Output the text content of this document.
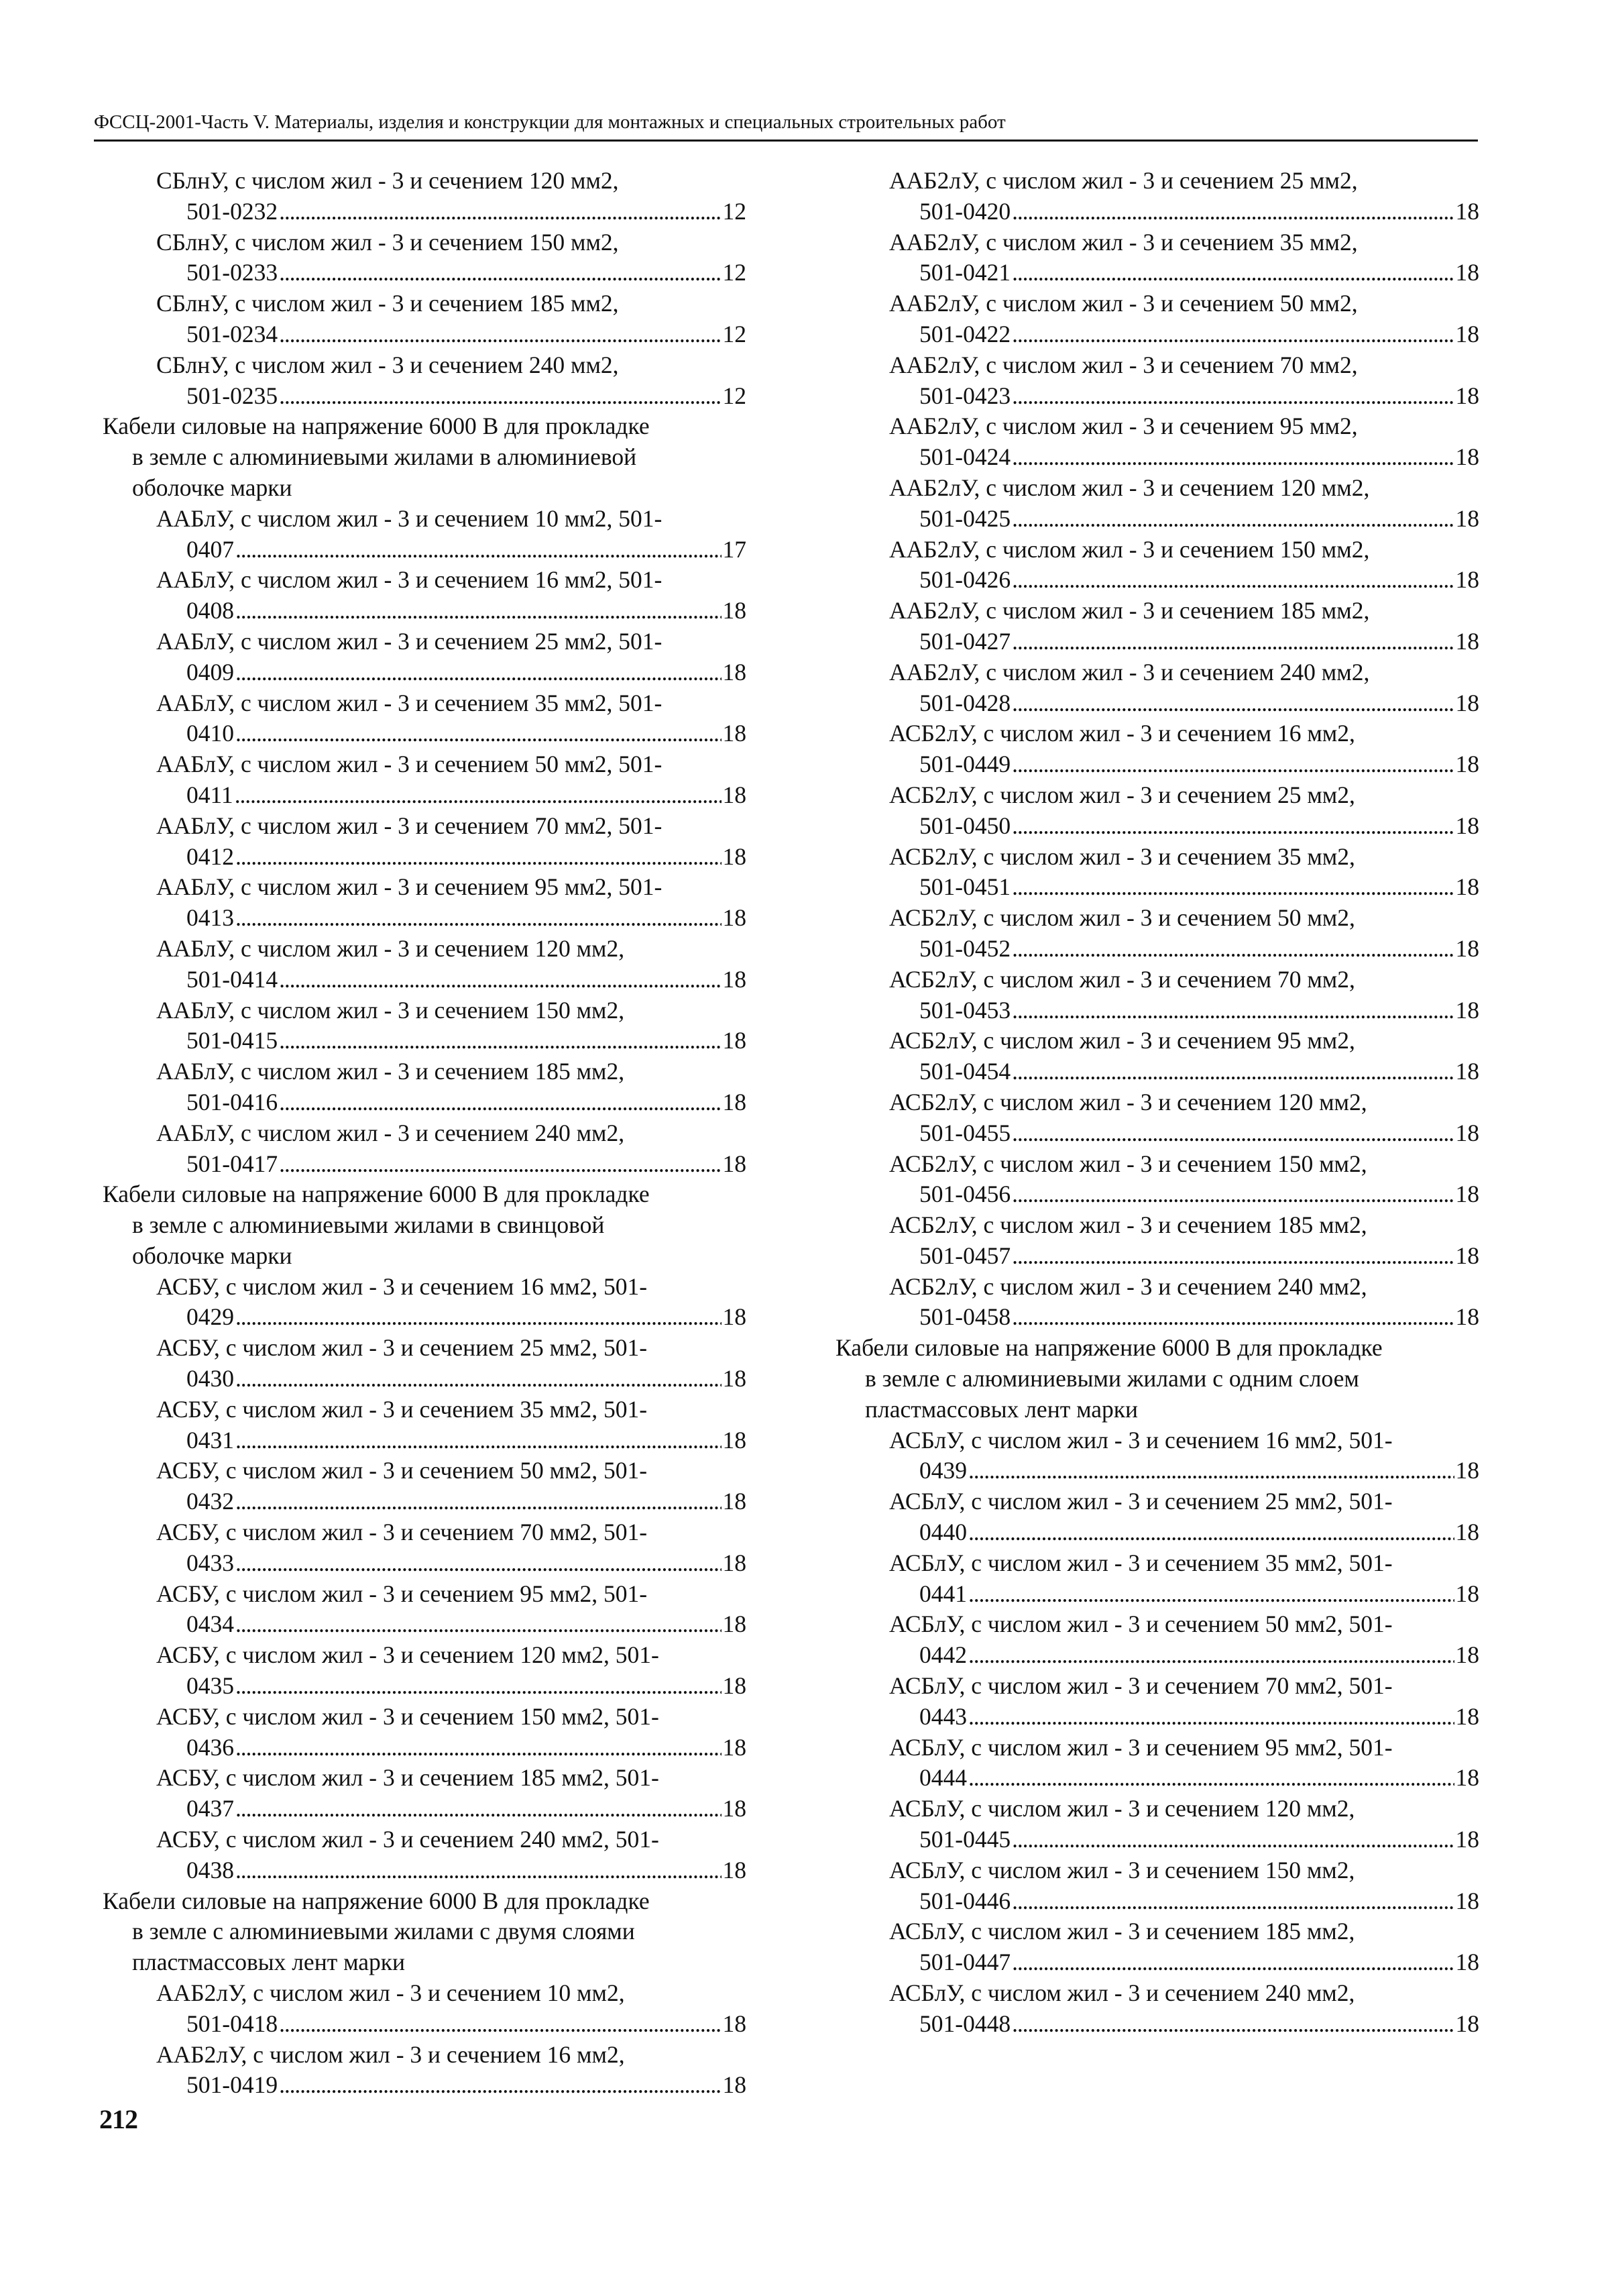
ФССЦ-2001-Часть V. Материалы, изделия и конструкции для монтажных и специальных строительных работ
СБлнУ, с числом жил - 3 и сечением 120 мм2,
501-0232 . . .	12
СБлнУ, с числом жил - 3 и сечением 150 мм2,
501-0233 . . .	12
СБлнУ, с числом жил - 3 и сечением 185 мм2,
501-0234 . . .	12
СБлнУ, с числом жил - 3 и сечением 240 мм2,
501-0235 . . .	12
Кабели силовые на напряжение 6000 В для прокладке
в земле с алюминиевыми жилами в алюминиевой
оболочке марки
ААБлУ, с числом жил - 3 и сечением 10 мм2, 501-
0407 . . .	17
ААБлУ, с числом жил - 3 и сечением 16 мм2, 501-
0408 . . .	18
ААБлУ, с числом жил - 3 и сечением 25 мм2, 501-
0409 . . .	18
ААБлУ, с числом жил - 3 и сечением 35 мм2, 501-
0410 . . .	18
ААБлУ, с числом жил - 3 и сечением 50 мм2, 501-
0411 . . .	18
ААБлУ, с числом жил - 3 и сечением 70 мм2, 501-
0412 . . .	18
ААБлУ, с числом жил - 3 и сечением 95 мм2, 501-
0413 . . .	18
ААБлУ, с числом жил - 3 и сечением 120 мм2,
501-0414 . . .	18
ААБлУ, с числом жил - 3 и сечением 150 мм2,
501-0415 . . .	18
ААБлУ, с числом жил - 3 и сечением 185 мм2,
501-0416 . . .	18
ААБлУ, с числом жил - 3 и сечением 240 мм2,
501-0417 . . .	18
Кабели силовые на напряжение 6000 В для прокладке
в земле с алюминиевыми жилами в свинцовой
оболочке марки
АСБУ, с числом жил - 3 и сечением 16 мм2, 501-
0429 . . .	18
АСБУ, с числом жил - 3 и сечением 25 мм2, 501-
0430 . . .	18
АСБУ, с числом жил - 3 и сечением 35 мм2, 501-
0431 . . .	18
АСБУ, с числом жил - 3 и сечением 50 мм2, 501-
0432 . . .	18
АСБУ, с числом жил - 3 и сечением 70 мм2, 501-
0433 . . .	18
АСБУ, с числом жил - 3 и сечением 95 мм2, 501-
0434 . . .	18
АСБУ, с числом жил - 3 и сечением 120 мм2, 501-
0435 . . .	18
АСБУ, с числом жил - 3 и сечением 150 мм2, 501-
0436 . . .	18
АСБУ, с числом жил - 3 и сечением 185 мм2, 501-
0437 . . .	18
АСБУ, с числом жил - 3 и сечением 240 мм2, 501-
0438 . . .	18
Кабели силовые на напряжение 6000 В для прокладке
в земле с алюминиевыми жилами с двумя слоями
пластмассовых лент марки
ААБ2лУ, с числом жил - 3 и сечением 10 мм2,
501-0418 . . .	18
ААБ2лУ, с числом жил - 3 и сечением 16 мм2,
501-0419 . . .	18
ААБ2лУ, с числом жил - 3 и сечением 25 мм2,
501-0420 . . .	18
ААБ2лУ, с числом жил - 3 и сечением 35 мм2,
501-0421 . . .	18
ААБ2лУ, с числом жил - 3 и сечением 50 мм2,
501-0422 . . .	18
ААБ2лУ, с числом жил - 3 и сечением 70 мм2,
501-0423 . . .	18
ААБ2лУ, с числом жил - 3 и сечением 95 мм2,
501-0424 . . .	18
ААБ2лУ, с числом жил - 3 и сечением 120 мм2,
501-0425 . . .	18
ААБ2лУ, с числом жил - 3 и сечением 150 мм2,
501-0426 . . .	18
ААБ2лУ, с числом жил - 3 и сечением 185 мм2,
501-0427 . . .	18
ААБ2лУ, с числом жил - 3 и сечением 240 мм2,
501-0428 . . .	18
АСБ2лУ, с числом жил - 3 и сечением 16 мм2,
501-0449 . . .	18
АСБ2лУ, с числом жил - 3 и сечением 25 мм2,
501-0450 . . .	18
АСБ2лУ, с числом жил - 3 и сечением 35 мм2,
501-0451 . . .	18
АСБ2лУ, с числом жил - 3 и сечением 50 мм2,
501-0452 . . .	18
АСБ2лУ, с числом жил - 3 и сечением 70 мм2,
501-0453 . . .	18
АСБ2лУ, с числом жил - 3 и сечением 95 мм2,
501-0454 . . .	18
АСБ2лУ, с числом жил - 3 и сечением 120 мм2,
501-0455 . . .	18
АСБ2лУ, с числом жил - 3 и сечением 150 мм2,
501-0456 . . .	18
АСБ2лУ, с числом жил - 3 и сечением 185 мм2,
501-0457 . . .	18
АСБ2лУ, с числом жил - 3 и сечением 240 мм2,
501-0458 . . .	18
Кабели силовые на напряжение 6000 В для прокладке
в земле с алюминиевыми жилами с одним слоем
пластмассовых лент марки
АСБлУ, с числом жил - 3 и сечением 16 мм2, 501-
0439 . . .	18
АСБлУ, с числом жил - 3 и сечением 25 мм2, 501-
0440 . . .	18
АСБлУ, с числом жил - 3 и сечением 35 мм2, 501-
0441 . . .	18
АСБлУ, с числом жил - 3 и сечением 50 мм2, 501-
0442 . . .	18
АСБлУ, с числом жил - 3 и сечением 70 мм2, 501-
0443 . . .	18
АСБлУ, с числом жил - 3 и сечением 95 мм2, 501-
0444 . . .	18
АСБлУ, с числом жил - 3 и сечением 120 мм2,
501-0445 . . .	18
АСБлУ, с числом жил - 3 и сечением 150 мм2,
501-0446 . . .	18
АСБлУ, с числом жил - 3 и сечением 185 мм2,
501-0447 . . .	18
АСБлУ, с числом жил - 3 и сечением 240 мм2,
501-0448 . . .	18
212
